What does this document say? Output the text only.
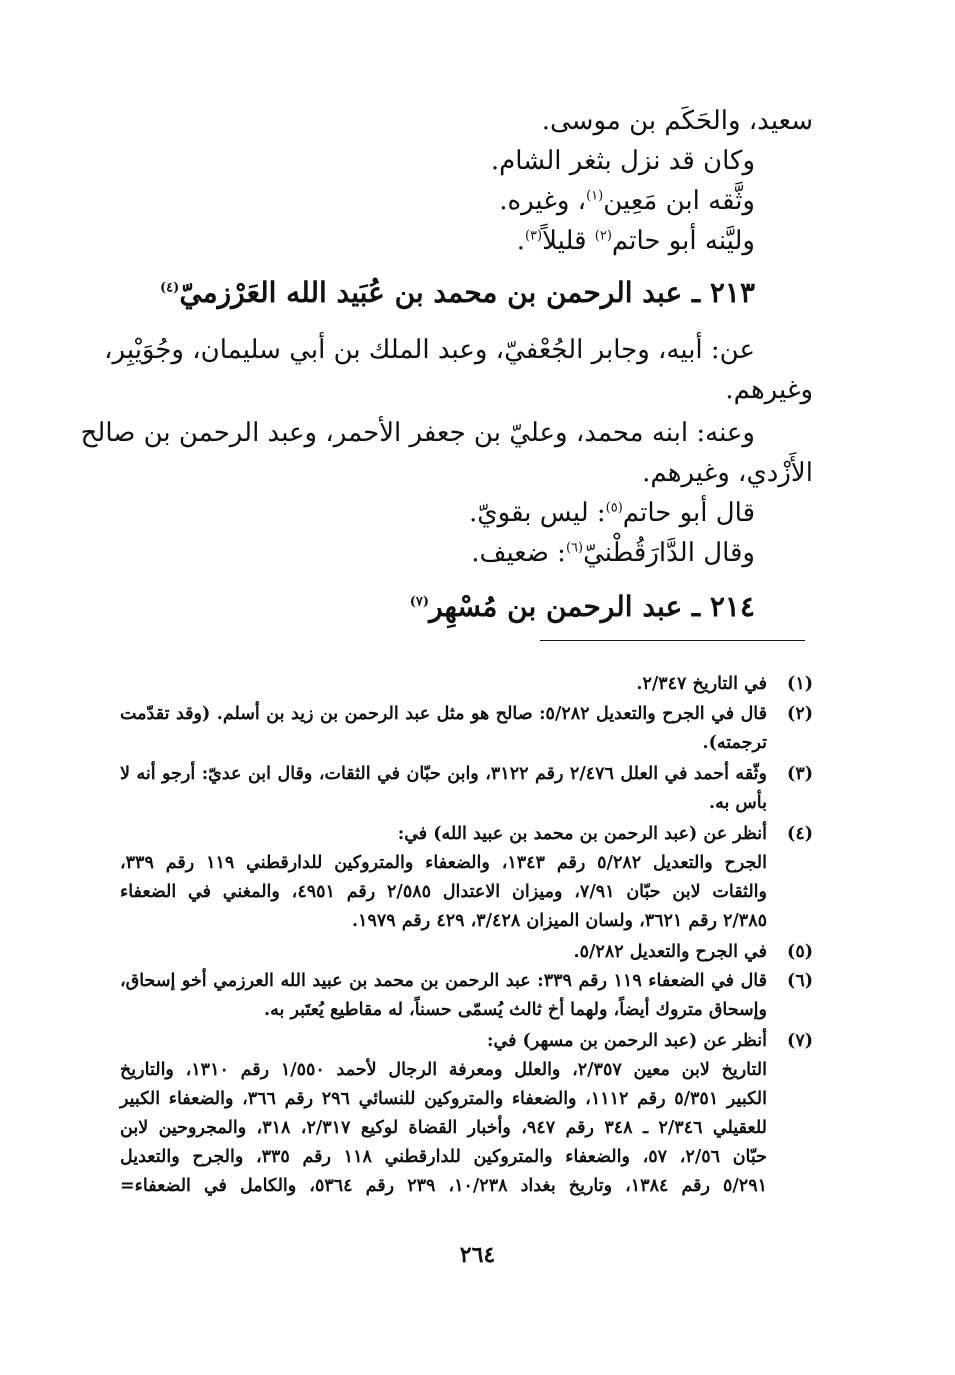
سعيد، والحَكَم بن موسى.
وكان قد نزل بثغر الشام.
وثَّقه ابن مَعِين$^{(١)}$، وغيره.
وليَّنه أبو حاتم$^{(٢)}$ قليلاً$^{(٣)}$.
٢١٣ ـ عبد الرحمن بن محمد بن عُبَيد الله العَرْزميّ$^{(٤)}$
عن: أبيه، وجابر الجُعْفيّ، وعبد الملك بن أبي سليمان، وجُوَيْبِر،
وغيرهم.
وعنه: ابنه محمد، وعليّ بن جعفر الأحمر، وعبد الرحمن بن صالح
الأَزْدي، وغيرهم.
قال أبو حاتم$^{(٥)}$: ليس بقويّ.
وقال الدَّارَقُطْنيّ$^{(٦)}$: ضعيف.
٢١٤ ـ عبد الرحمن بن مُسْهِر$^{(٧)}$
(١)
في التاريخ ٢/٣٤٧.
(٢)
قال في الجرح والتعديل ٥/٢٨٢: صالح هو مثل عبد الرحمن بن زيد بن أسلم. (وقد تقدّمت
ترجمته).
(٣)
وثّقه أحمد في العلل ٢/٤٧٦ رقم ٣١٢٢، وابن حبّان في الثقات، وقال ابن عديّ: أرجو أنه لا
بأس به.
(٤)
أنظر عن (عبد الرحمن بن محمد بن عبيد الله) في:
الجرح والتعديل ٥/٢٨٢ رقم ١٣٤٣، والضعفاء والمتروكين للدارقطني ١١٩ رقم ٣٣٩،
والثقات لابن حبّان ٧/٩١، وميزان الاعتدال ٢/٥٨٥ رقم ٤٩٥١، والمغني في الضعفاء
٢/٣٨٥ رقم ٣٦٢١، ولسان الميزان ٣/٤٢٨، ٤٢٩ رقم ١٩٧٩.
(٥)
في الجرح والتعديل ٥/٢٨٢.
(٦)
قال في الضعفاء ١١٩ رقم ٣٣٩: عبد الرحمن بن محمد بن عبيد الله العرزمي أخو إسحاق،
وإسحاق متروك أيضاً، ولهما أخ ثالث يُسمّى حسناً، له مقاطيع يُعتَبر به.
(٧)
أنظر عن (عبد الرحمن بن مسهر) في:
التاريخ لابن معين ٢/٣٥٧، والعلل ومعرفة الرجال لأحمد ١/٥٥٠ رقم ١٣١٠، والتاريخ
الكبير ٥/٣٥١ رقم ١١١٢، والضعفاء والمتروكين للنسائي ٢٩٦ رقم ٣٦٦، والضعفاء الكبير
للعقيلي ٢/٣٤٦ ـ ٣٤٨ رقم ٩٤٧، وأخبار القضاة لوكيع ٢/٣١٧، ٣١٨، والمجروحين لابن
حبّان ٢/٥٦، ٥٧، والضعفاء والمتروكين للدارقطني ١١٨ رقم ٣٣٥، والجرح والتعديل
٥/٢٩١ رقم ١٣٨٤، وتاريخ بغداد ١٠/٢٣٨، ٢٣٩ رقم ٥٣٦٤، والكامل في الضعفاء=
٢٦٤
